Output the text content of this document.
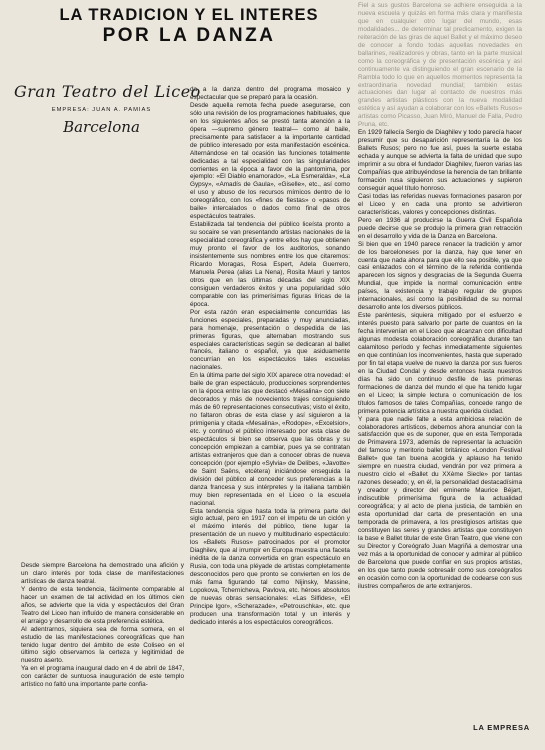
LA TRADICION Y EL INTERES
POR LA DANZA
Gran Teatro del Liceo
EMPRESA: JUAN A. PAMIAS
Barcelona

Desde siempre Barcelona ha demostrado una afición y un claro interés por toda clase de manifestaciones artísticas de danza teatral.

Y dentro de esta tendencia, fácilmente comparable al hacer un examen de tal actividad en los últimos cien años, se advierte que la vida y espectáculos del Gran Teatro del Liceo han influído de manera considerable en el arraigo y desarrollo de esta preferencia estética.

Al adentrarnos, siquiera sea de forma somera, en el estudio de las manifestaciones coreográficas que han tenido lugar dentro del ámbito de este Coliseo en el último siglo observamos la certeza y legitimidad de nuestro aserto.

Ya en el programa inaugural dado en 4 de abril de 1847, con carácter de suntuosa inauguración de este templo artístico no faltó una importante parte confia-

da a la danza dentro del programa mosaico y espectacular que se preparó para la ocasión.

Desde aquella remota fecha puede asegurarse, con sólo una revisión de los programaciones habituales, que en los siguientes años se prestó tanta atención a la ópera —supremo género teatral— como al baile, precisamente para satisfacer a la importante cantidad de público interesado por esta manifestación escénica. Alternándose en tal ocasión las funciones totalmente dedicadas a tal especialidad con las singularidades corrientes en la época a favor de la pantomima, por ejemplo: «El Diablo enamorado», «La Esmeralda», «La Gypsy», «Amadís de Gaula», «Giselle», etc., así como el uso y abuso de los recursos mímicos dentro de lo coreográfico, con los «fines de fiestas» o «pasos de baile» intercalados o dados como final de otros espectáculos teatrales.

Estabilizada tal tendencia del público liceísta pronto a su socaire se van presentando artistas nacionales de la especialidad coreográfica y entre ellos hay que obtienen muy pronto el favor de los auditorios, sonando insistentemente sus nombres entre los que citaremos: Ricardo Moragas, Rosa Espert, Adela Guerrero, Manuela Perea (alias La Nena), Rosita Mauri y tantos otros que en las últimas décadas del siglo XIX consiguen verdaderos éxitos y una popularidad sólo comparable con las primerísimas figuras líricas de la época.

Por esta razón eran especialmente concurridas las funciones especiales, preparadas y muy anunciadas, para homenaje, presentación o despedida de las primeras figuras, que alternaban mostrando sus especiales características según se dedicaran al ballet francés, italiano o español, ya que asiduamente concurrían en los espectáculos tales escuelas nacionales.

En la última parte del siglo XIX aparece otra novedad: el baile de gran espectáculo, producciones sorprendentes en la época entre las que destacó «Mesalina» con siete decorados y más de novecientos trajes consiguiendo más de 60 representaciones consecutivas; visto el éxito, no faltaron obras de esta clase y así siguieron a la primigenia y citada «Mesalina», «Rodope», «Excelsior», etc. y continuó el público interesado por esta clase de espectáculos si bien se observa que las obras y su concepción empiezan a cambiar, pues ya se contratan artistas extranjeros que dan a conocer obras de nueva concepción (por ejemplo «Sylvia» de Delibes, «Javotte» de Saint Saëns, etcétera) iniciándose enseguida la división del público al conceder sus preferencias a la danza francesa y sus intérpretes y la italiana también muy bien representada en el Liceo o la escuela nacional.

Esta tendencia sigue hasta toda la primera parte del siglo actual, pero en 1917 con el ímpetu de un ciclón y el máximo interés del público, tiene lugar la presentación de un nuevo y multitudinario espectáculo: los «Ballets Rusos» patrocinados por el promotor Diaghilev, que al irrumpir en Europa muestra una faceta inédita de la danza convertida en gran espectáculo en Rusia, con toda una pléyade de artistas completamente desconocidos pero que pronto se convierten en los de más fama figurando tal como Nijinsky, Massine, Lopokova, Tchernicheva, Pavlova, etc. héroes absolutos de nuevas obras sensacionales: «Las Silfides», «El Principe Igor», «Scherazade», «Petrouschka», etc. que producen una transformación total y un interés y dedicado interés a los espectáculos coreográficos.

Fiel a sus gustos Barcelona se adhiere enseguida a la nueva escuela y quizás en forma más clara y manifiesta que en cualquier otro lugar del mundo, esas modalidades... de determinar tal predicamento, exigen la reiteración de las giras de aquel Ballet y el máximo deseo de conocer a fondo todas aquellas novedades en ballarines, realizadores y obras, tanto en la parte musical como la coreográfica y de presentación escénica y así continuamente va distinguiendo el gran escenario de la Rambla todo lo que en aquellos momentos representa la extraordinaria novedad mundial; también estas actuaciones dan lugar al contacto de nuestros más grandes artistas plásticos con la nueva modalidad estética y así ayudan a colaborar con los «Ballets Rusos» artistas como Picasso, Juan Miró, Manuel de Falla, Pedro Pruna, etc.

En 1929 fallecía Sergio de Diaghilev y todo parecía hacer presumir que su desaparición representaría la de los Ballets Rusos; pero no fue así, pues la suerte estaba echada y aunque se advierta la falta de unidad que supo imprimir a su obra el fundador Diaghilev, fueron varias las Compañías que atribuyéndose la herencia de tan brillante formación rusa siguieron sus actuaciones y supieron conseguir aquel título honroso.

Casi todas las referidas nuevas formaciones pasaron por el Liceo y en cada una pronto se advirtieron características, valores y concepciones distintas.

Pero en 1936 al producirse la Guerra Civil Española puede decirse que se produjo la primera gran retracción en el desarrollo y vida de la Danza en Barcelona.

Si bien que en 1940 parece renacer la tradición y amor de los barceloneses por la danza, hay que tener en cuenta que nada ahora para que ello sea posible, ya que casi enlazados con el término de la referida contienda aparecen los signos y desgracias de la Segunda Guerra Mundial, que impide la normal comunicación entre países, la existencia y trabajo regular de grupos internacionales, así como la posibilidad de su normal desarrollo ante los diversos públicos.

Este paréntesis, siquiera mitigado por el esfuerzo e interés puesto para salvarlo por parte de cuantos en la fecha intervenían en el Liceo que alcanzan con dificultad algunas modesta colaboración coreográfica durante tan calamitoso período y fechas inmediatamente siguientes en que continúan los inconvenientes, hasta que superado por fin tal etapa vuelve de nuevo la danza por sus fueros en la Ciudad Condal y desde entonces hasta nuestros días ha sido un continuo desfile de las primeras formaciones de danza del mundo el que ha tenido lugar en el Liceo; la simple lectura o comunicación de los títulos famosos de tales Compañías, concede rango de primera potencia artística a nuestra querida ciudad.

Y para que nadie falte a esta ambiciosa relación de colaboradores artísticos, debemos ahora anunciar con la satisfacción que es de suponer, que en esta Temporada de Primavera 1973, además de representar la actuación del famoso y meritorio ballet británico «London Festival Ballet» que tan buena acogida y aplauso ha tenido siempre en nuestra ciudad, vendrán por vez primera a nuestro ciclo el «Ballet du XXème Siecle» por tantas razones deseado; y, en él, la personalidad destacadísima y creador y director del eminente Maurice Béjart, indiscutible primerísima figura de la actualidad coreográfica; y al acto de plena justicia, de también en esta oportunidad dar carta de presentación en una temporada de primavera, a los prestigiosos artistas que constituyen las seres y grandes artistas que constituyen la base e Ballet titular de este Gran Teatro, que viene con su Director y Coreógrafo Juan Magriñá a demostrar una vez más a la oportunidad de conocer y admirar al público de Barcelona que puede confiar en sus propios artistas, en los que tanto puede sobresalir como sus coreógrafos en ocasión como con la oportunidad de codearse con sus ilustres compañeros de arte extranjeros.

LA EMPRESA
